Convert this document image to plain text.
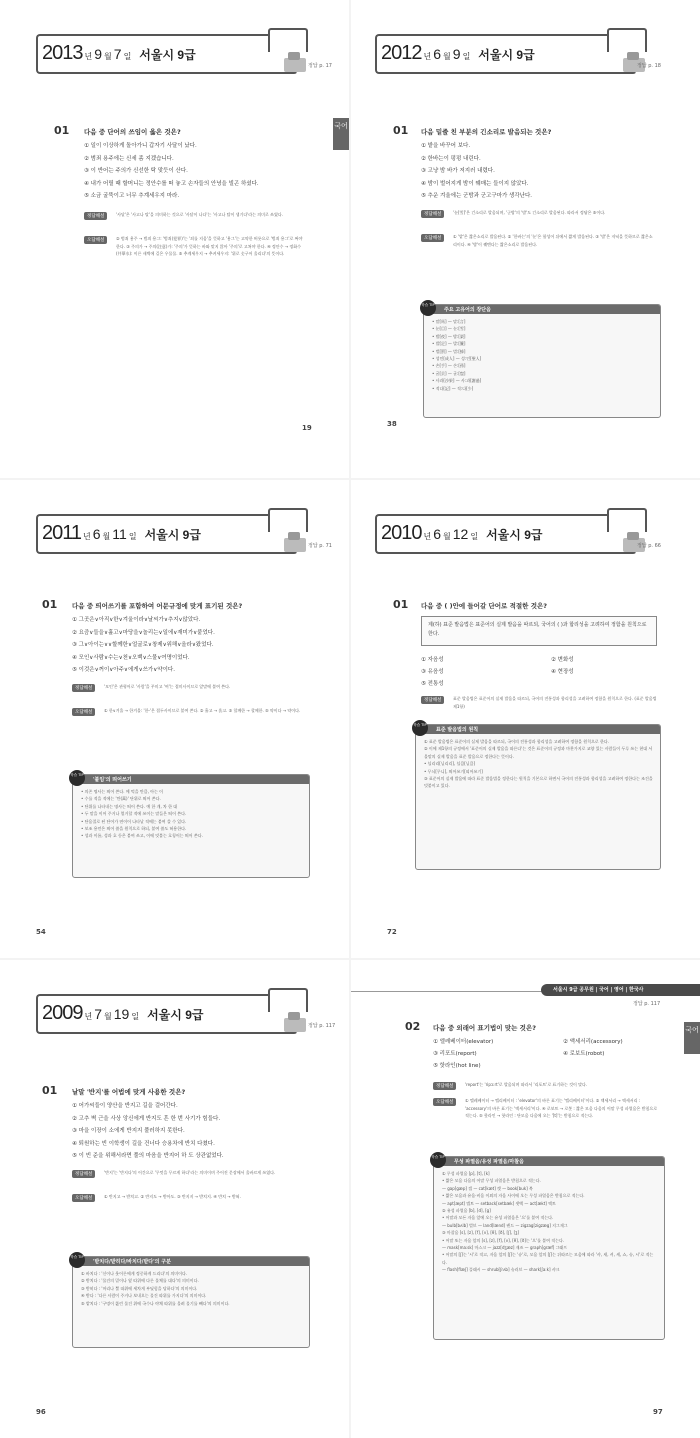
2013 년 9 월 7 일 서울시 9급
정답 p. 17
01 다음 중 단어의 쓰임이 옳은 것은?
① 일이 이상하게 돌아가니 갑자기 사달이 났다.
② 범죄 용주에는 신세 좀 지겠습니다.
③ 이 반어는 주의가 신선한 탁 맞듯이 산다.
④ 내가 어릴 때 할머니는 정안수를 떠 놓고 손자들의 안녕을 빌곤 하셨다.
⑤ 소금 굴뚝이고 너무 추계세우지 마라.
정답해설	'사달'은 '사고나 탈'을 의미하는 것으로 '사달이 나다'는 '사고나 탈이 생기다'라는 의미로 쓰였다.
오답해설	② 범죄 용주 → 범죄 용그: '범죄(犯罪)'는 '죄를 지음'을 뜻하고 '용그'는 고약한 버릇으로 '범죄 용그'로 써야 한다. ③ 주의가 → 주의(注意)가: '주의'가 뜻하는 바와 맞지 않아 '주의'로 고쳐야 한다. ④ 정안수 → 정화수(井華水): 이른 새벽에 길은 우물물. ⑤ 추계세우지 → 추켜세우지: '위로 솟구어 올리다'의 뜻이다.
국어
19
2012 년 6 월 9 일 서울시 9급
정답 p. 18
01 다음 밑줄 친 부분의 긴소리로 발음되는 것은?
① 밭을 바꾸어 보다.
② 한바는이 펑펑 내린다.
③ 고냥 밤 바가 저지러 내렸다.
④ 밤이 벌어지게 밤이 꿰매는 들이지 않았다.
⑤ 추운 겨울에는 군밤과 군고구마가 생각난다.
정답해설	'눈[雪]'은 긴소리로 발음되며, '군밤'의 '밤'도 긴소리로 발음된다. 따라서 정답은 ⑤이다.
오답해설	① '밭'은 짧은소리로 발음된다. ② '한바는'의 '눈'은 합성어 뒤에서 짧게 발음된다. ③ '밤'은 저녁을 뜻하므로 짧은소리이다. ④ '밤'이 꿰맨다는 짧은소리로 발음된다.
학습 TIP
주요 고유어의 장단음
• 말[馬] — 말:[言]
• 눈[目] — 눈:[雪]
• 밤[夜] — 밤:[栗]
• 발[足] — 발:[簾]
• 벌[罰] — 벌:[蜂]
• 성인[成人] — 성:인[聖人]
• 손[手] — 손:[孫]
• 굴[貝] — 굴:[窟]
• 사과[沙果] — 사:과[謝過]
• 적다[記] — 적:다[少]
38
2011 년 6 월 11 일 서울시 9급
정답 p. 71
01 다음 중 띄어쓰기를 포함하여 어문규정에 맞게 표기된 것은?
① 그곳은∨아직∨한∨겨울이라∨날씨가∨추지∨않았다.
② 요즘∨들을∨흘고∨마당을∨놀리는∨일에∨재미가∨붙었다.
③ 그∨아이는∨∨할께한∨얼굴로∨창제∨위해∨올라∨왔었다.
④ 모인∨사람∨수는∨천∨오백∨스물∨여명이었다.
⑤ 이것은∨꺼이∨아주∨에게∨쓰가∨약이다.
정답해설	'모인'은 관형어로 '사람'을 꾸미고 '여'는 접미사이므로 앞말에 붙여 쓴다.
오답해설	① 한∨겨울 → 한겨울: '한-'은 접두사이므로 붙여 쓴다. ② 흘고 → 흙고. ③ 할께한 → 할께한. ⑤ 약이다 → 약이다.
학습 TIP
'붙임'의 띄어쓰기
• 의존 명사는 띄어 쓴다. 예 먹을 만큼, 아는 이
• 수를 적을 적에는 '만(萬)' 단위로 띄어 쓴다.
• 단위를 나타내는 명사는 띄어 쓴다. 예 한 개, 차 한 대
• 두 말을 이어 주거나 열거할 적에 쓰이는 말들은 띄어 쓴다.
• 단음절로 된 단어가 연이어 나타날 적에는 붙여 쓸 수 있다.
• 보조 용언은 띄어 씀을 원칙으로 하되, 붙여 씀도 허용한다.
• 성과 이름, 성과 호 등은 붙여 쓰고, 이에 덧붙는 호칭어는 띄어 쓴다.
54
2010 년 6 월 12 일 서울시 9급
정답 p. 66
01 다음 중 ( )안에 들어갈 단어로 적절한 것은?
제(하) 표준 발음법은 표준어의 실제 발음을 따르되, 국어의 ( )과 합리성을 고려하여 정함을 원칙으로 한다.
① 자음성	② 변화성
③ 유음성	④ 현장성
⑤ 전통성
정답해설	표준 발음법은 표준어의 실제 발음을 따르되, 국어의 전통성과 합리성을 고려하여 정함을 원칙으로 한다. (표준 발음법 제1항)
학습 TIP
표준 발음법의 원칙
① 표준 발음법은 표준어의 실제 발음을 따르되, 국어의 전통성과 합리성을 고려하여 정함을 원칙으로 한다.
② 이에 제1항의 규정에서 '표준어의 실제 발음을 따른다'는 것은 표준어의 규정과 마찬가지로 교양 있는 사람들이 두루 쓰는 현대 서울말의 실제 발음을 표준 발음으로 정한다는 뜻이다.
• 늴리리[닐리리], 늴큼[닐큼]
• 무늬[무니], 띄어쓰기[띠어쓰기]
③ 표준어의 실제 발음에 따라 표준 발음법을 정한다는 원칙을 기본으로 하면서 국어의 전통성과 합리성을 고려하여 정한다는 조건을 덧붙이고 있다.
72
2009 년 7 월 19 일 서울시 9급
정답 p. 117
01 낱말 '반지'를 어법에 맞게 사용한 것은?
① 어가씨들이 양산을 반지고 길을 걸어간다.
② 고추 벽 근을 사상 앙신에게 반지도 흔 한 번 사기가 힘들다.
③ 마을 이장이 소에게 반지지 풀러하지 못한다.
④ 퇴원하는 빈 이학생이 길을 건너다 승용차에 반치 다쳤다.
⑤ 이 빈 준을 위해서라면 풀의 마음을 반지어 하 도 상관없었다.
정답해설	'반지'는 '반지다'의 어간으로 '무엇을 무르게 하다'라는 의미이며 주어진 문장에서 올바르게 쓰였다.
오답해설	① 반지고 → 받치고. ② 반지도 → 받아도. ③ 반지지 → 받치지. ④ 반치 → 받혀.
학습 TIP
'받치다/받히다/바치다/받다'의 구분
① 바치다 : '신이나 웃어른에게 정중하게 드리다'의 의미이다.
② 받치다 : '물건의 밑이나 옆 따위에 다른 물체를 대다'의 의미이다.
③ 받히다 : '머리나 뿔 따위에 세차게 부딪힘을 당하다'의 의미이다.
④ 받다 : '다른 사람이 주거나 보내오는 물건 따위를 가지다'의 의미이다.
⑤ 밭치다 : '구멍이 뚫린 물건 위에 국수나 야채 따위를 올려 물기를 빼다'의 의미이다.
96
서울시 9급 공무원 | 국어 | 영어 | 한국사
정답 p. 117
02 다음 중 외래어 표기법이 맞는 것은?
① 엘레베이터(elevator)	② 액세서리(accessory)
③ 리포트(report)	④ 로보트(robot)
⑤ 핫라인(hot line)
정답해설	'report'는 'ripɔːrt'로 발음되며 따라서 '리포트'로 표기하는 것이 맞다.
오답해설	① 엘레베이터 → 엘리베이터 : 'elevator'의 바른 표기는 '엘리베이터'이다. ② 액세서리 → 액세서리 : 'accessory'의 바른 표기는 '액세서리'이다. ④ 로보트 → 로봇 : 짧은 모음 다음의 어말 무성 파열음은 받침으로 적는다. ⑤ 핫라인 → 핫라인 : 단모음 다음에 오는 '[t]'는 받침으로 적는다.
학습 TIP
무성 파열음/유성 파열음/마찰음
① 무성 파열음 [p], [t], [k]
• 짧은 모음 다음의 어말 무성 파열음은 받침으로 적는다.
— gap[gæp] 갭 — cat[kæt] 캣 — book[buk] 북
• 짧은 모음과 유음·비음 이외의 자음 사이에 오는 무성 파열음은 받침으로 적는다.
— apt[æpt] 앱트 — setback[setbæk] 셋백 — act[ækt] 액트
② 유성 파열음 [b], [d], [g]
• 어말과 모든 자음 앞에 오는 유성 파열음은 '으'를 붙여 적는다.
— bulb[bʌlb] 벌브 — land[lænd] 랜드 — zigzag[zigzæg] 지그재그
③ 마찰음 [s], [z], [f], [v], [θ], [ð], [ʃ], [ʒ]
• 어말 또는 자음 앞의 [s], [z], [f], [v], [θ], [ð]는 '으'를 붙여 적는다.
— mask[maːsk] 마스크 — jazz[dʒæz] 재즈 — graph[græf] 그래프
• 어말의 [ʃ]는 '시'로 적고, 자음 앞의 [ʃ]는 '슈'로, 모음 앞의 [ʃ]는 뒤따르는 모음에 따라 '샤, 섀, 셔, 셰, 쇼, 슈, 시'로 적는다.
— flash[flæʃ] 플래시 — shrub[ʃrʌb] 슈러브 — shark[ʃaːk] 샤크
국어
97
